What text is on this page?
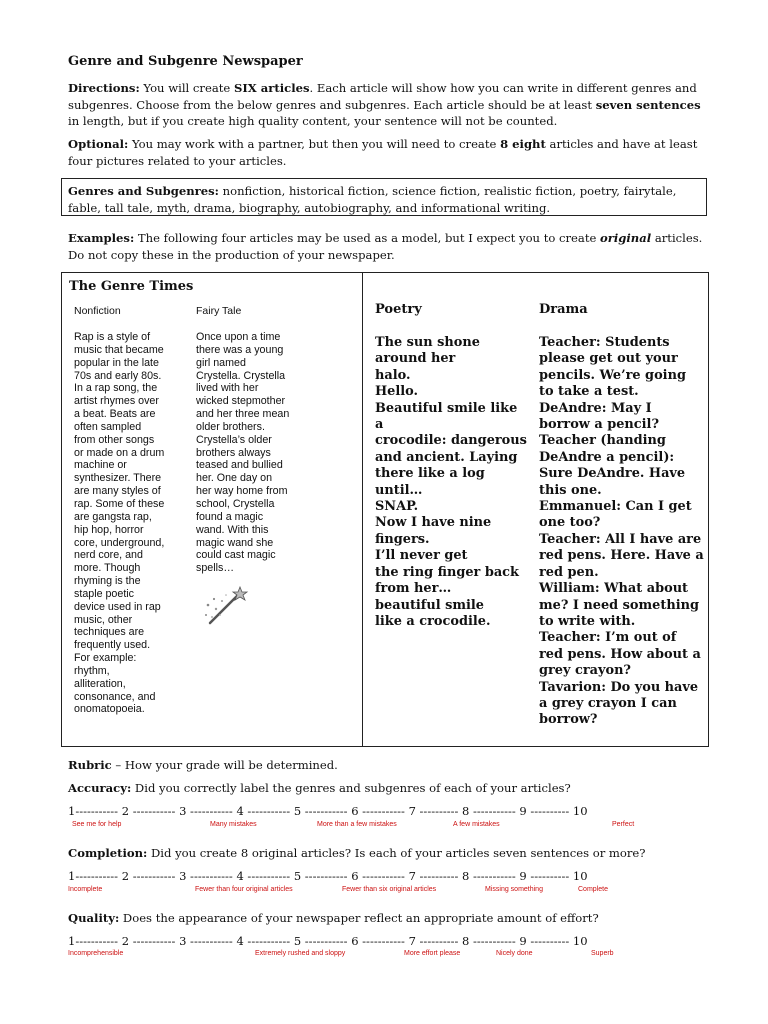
Genre and Subgenre Newspaper
Directions: You will create SIX articles. Each article will show how you can write in different genres and subgenres. Choose from the below genres and subgenres. Each article should be at least seven sentences in length, but if you create high quality content, your sentence will not be counted.
Optional: You may work with a partner, but then you will need to create 8 eight articles and have at least four pictures related to your articles.
Genres and Subgenres: nonfiction, historical fiction, science fiction, realistic fiction, poetry, fairytale, fable, tall tale, myth, drama, biography, autobiography, and informational writing.
Examples: The following four articles may be used as a model, but I expect you to create original articles. Do not copy these in the production of your newspaper.
The Genre Times
Nonfiction
Rap is a style of
music that became
popular in the late
70s and early 80s.
In a rap song, the
artist rhymes over
a beat. Beats are
often sampled
from other songs
or made on a drum
machine or
synthesizer. There
are many styles of
rap. Some of these
are gangsta rap,
hip hop, horror
core, underground,
nerd core, and
more. Though
rhyming is the
staple poetic
device used in rap
music, other
techniques are
frequently used.
For example:
rhythm,
alliteration,
consonance, and
onomatopoeia.
Fairy Tale
Once upon a time
there was a young
girl named
Crystella. Crystella
lived with her
wicked stepmother
and her three mean
older brothers.
Crystella’s older
brothers always
teased and bullied
her. One day on
her way home from
school, Crystella
found a magic
wand. With this
magic wand she
could cast magic
spells…
Poetry
The sun shone
around her
halo.
Hello.
Beautiful smile like
a
crocodile: dangerous
and ancient. Laying
there like a log
until…
SNAP.
Now I have nine
fingers.
I’ll never get
the ring finger back
from her…
beautiful smile
like a crocodile.
Drama
Teacher: Students please get out your pencils. We’re going to take a test.
DeAndre: May I borrow a pencil?
Teacher (handing DeAndre a pencil): Sure DeAndre. Have this one.
Emmanuel: Can I get one too?
Teacher: All I have are red pens. Here. Have a red pen.
William: What about me? I need something to write with.
Teacher: I’m out of red pens. How about a grey crayon?
Tavarion: Do you have a grey crayon I can borrow?
Rubric – How your grade will be determined.
Accuracy: Did you correctly label the genres and subgenres of each of your articles?
1----------- 2 ----------- 3 ----------- 4 ----------- 5 ----------- 6 ----------- 7 ---------- 8 ----------- 9 ---------- 10
See me for help	Many mistakes	More than a few mistakes	A few mistakes	Perfect
Completion: Did you create 8 original articles? Is each of your articles seven sentences or more?
1----------- 2 ----------- 3 ----------- 4 ----------- 5 ----------- 6 ----------- 7 ---------- 8 ----------- 9 ---------- 10
Incomplete	Fewer than four original articles	Fewer than six original articles	Missing something	Complete
Quality: Does the appearance of your newspaper reflect an appropriate amount of effort?
1----------- 2 ----------- 3 ----------- 4 ----------- 5 ----------- 6 ----------- 7 ---------- 8 ----------- 9 ---------- 10
Incomprehensible	Extremely rushed and sloppy	More effort please	Nicely done	Superb
